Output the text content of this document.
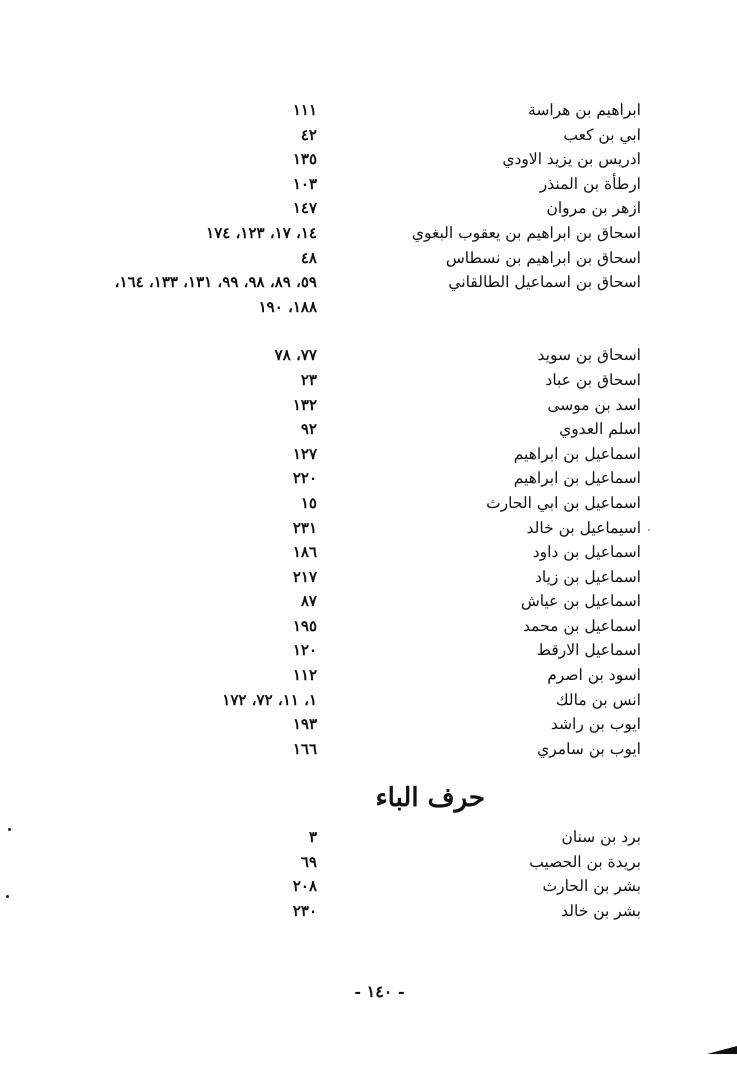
ابراهيم بن هراسة
١١١
ابي بن كعب
٤٢
ادريس بن يزيد الاودي
١٣٥
ارطأة بن المنذر
١٠٣
ازهر بن مروان
١٤٧
اسحاق بن ابراهيم بن يعقوب البغوي
١٤، ١٧، ١٢٣، ١٧٤
اسحاق بن ابراهيم بن نسطاس
٤٨
اسحاق بن اسماعيل الطالقاني
٥٩، ٨٩، ٩٨، ٩٩، ١٣١، ١٣٣، ١٦٤،
١٨٨، ١٩٠
اسحاق بن سويد
٧٧، ٧٨
اسحاق بن عباد
٢٣
اسد بن موسى
١٣٢
اسلم العدوي
٩٢
اسماعيل بن ابراهيم
١٢٧
اسماعيل بن ابراهيم
٢٢٠
اسماعيل بن ابي الحارث
١٥
اسيماعيل بن خالد
٢٣١
اسماعيل بن داود
١٨٦
اسماعيل بن زياد
٢١٧
اسماعيل بن عياش
٨٧
اسماعيل بن محمد
١٩٥
اسماعيل الارقط
١٢٠
اسود بن اصرم
١١٢
انس بن مالك
١، ١١، ٧٢، ١٧٢
ايوب بن راشد
١٩٣
ايوب بن سامري
١٦٦
حرف الباء
برد بن سنان
٣
بريدة بن الحصيب
٦٩
بشر بن الحارث
٢٠٨
بشر بن خالد
٢٣٠
- ١٤٠ -
